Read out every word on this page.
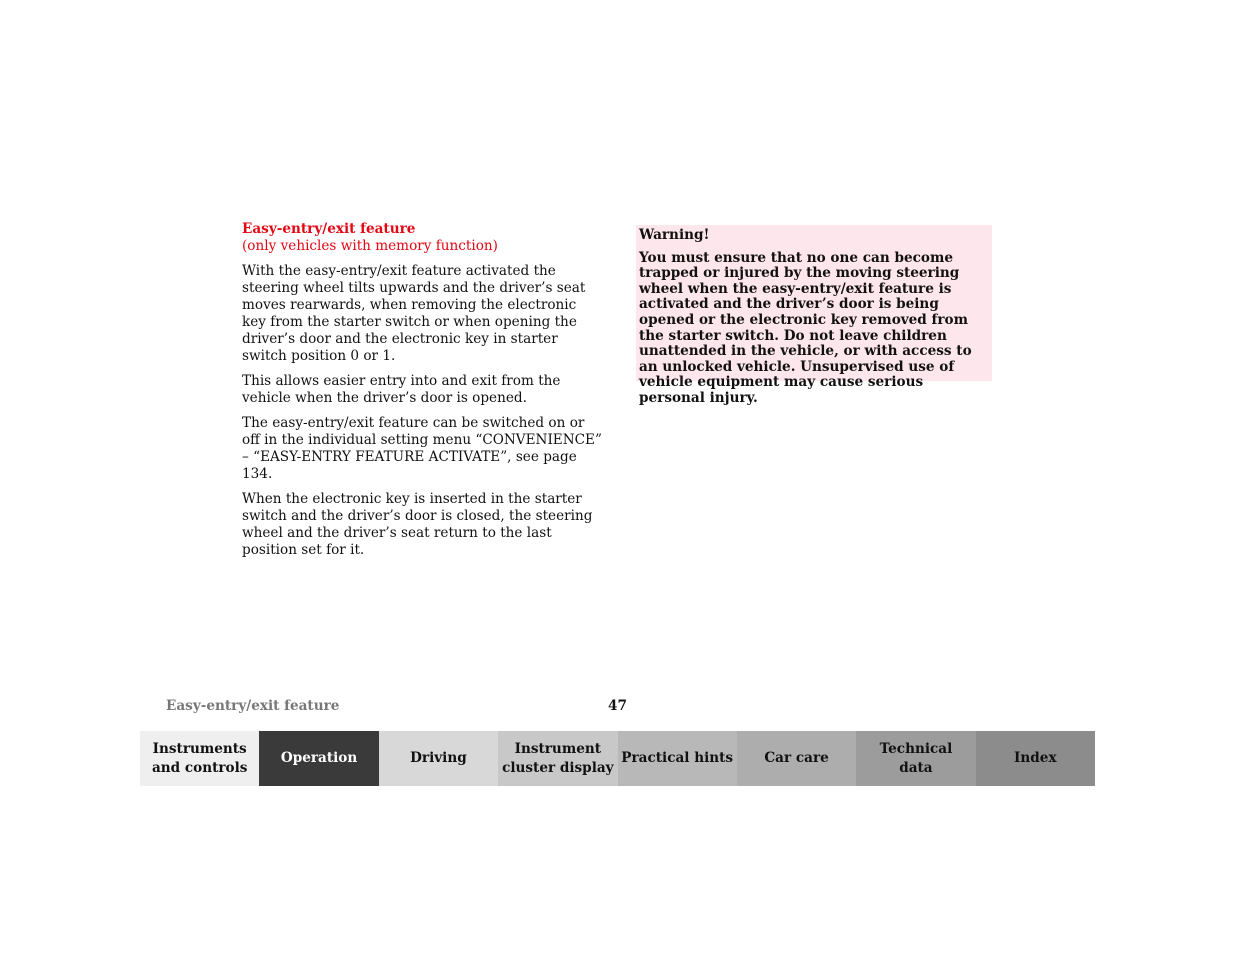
Easy-entry/exit feature

(only vehicles with memory function)

With the easy-entry/exit feature activated the steering wheel tilts upwards and the driver’s seat moves rearwards, when removing the electronic key from the starter switch or when opening the driver’s door and the electronic key in starter switch position 0 or 1.

This allows easier entry into and exit from the vehicle when the driver’s door is opened.

The easy-entry/exit feature can be switched on or off in the individual setting menu “CONVENIENCE” – “EASY-ENTRY FEATURE ACTIVATE”, see page 134.

When the electronic key is inserted in the starter switch and the driver’s door is closed, the steering wheel and the driver’s seat return to the last position set for it.

Warning!

You must ensure that no one can become trapped or injured by the moving steering wheel when the easy-entry/exit feature is activated and the driver’s door is being opened or the electronic key removed from the starter switch. Do not leave children unattended in the vehicle, or with access to an unlocked vehicle. Unsupervised use of vehicle equipment may cause serious personal injury.

Easy-entry/exit feature	47
Instruments
and controls
Operation	Driving
Instrument
cluster display
Practical hints	Car care
Technical
data
Index
